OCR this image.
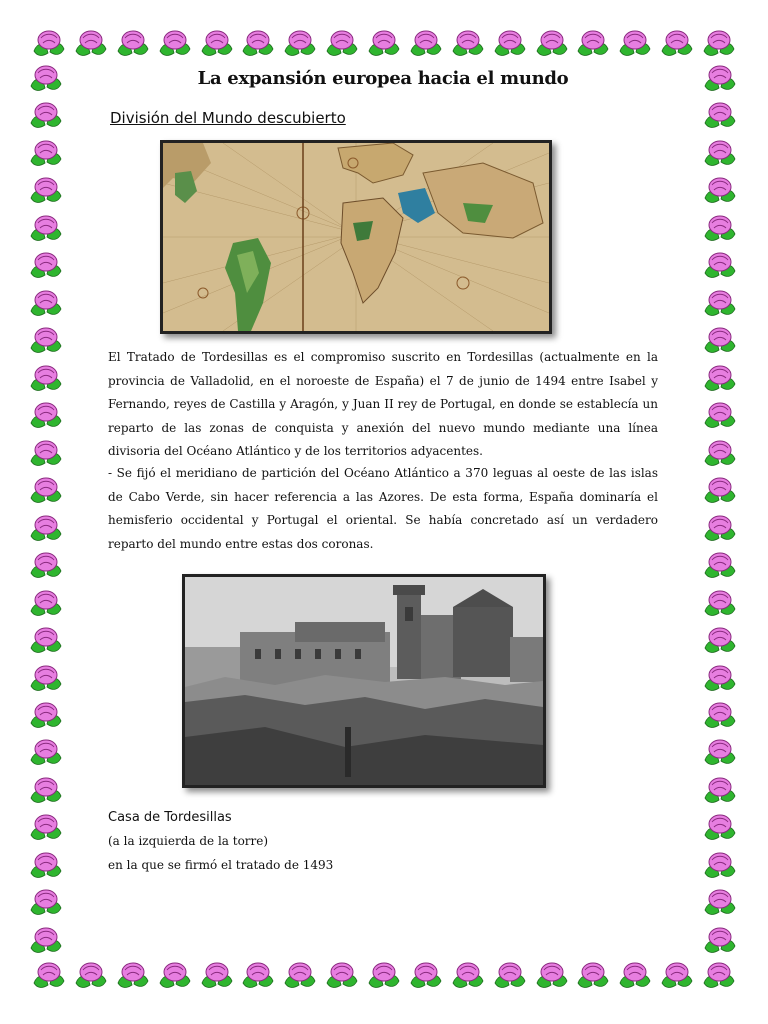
La expansión europea hacia el mundo
División del Mundo descubierto

El Tratado de Tordesillas es el compromiso suscrito en Tordesillas (actualmente en la provincia de Valladolid, en el noroeste de España) el 7 de junio de 1494 entre Isabel y Fernando, reyes de Castilla y Aragón, y Juan II rey de Portugal, en donde se establecía un reparto de las zonas de conquista y anexión del nuevo mundo mediante una línea divisoria del Océano Atlántico y de los territorios adyacentes.

- Se fijó el meridiano de partición del Océano Atlántico a 370 leguas al oeste de las islas de Cabo Verde, sin hacer referencia a las Azores. De esta forma, España dominaría el hemisferio occidental y Portugal el oriental. Se había concretado así un verdadero reparto del mundo entre estas dos coronas.

Casa de Tordesillas

(a la izquierda de la torre)

en la que se firmó el tratado de 1493
